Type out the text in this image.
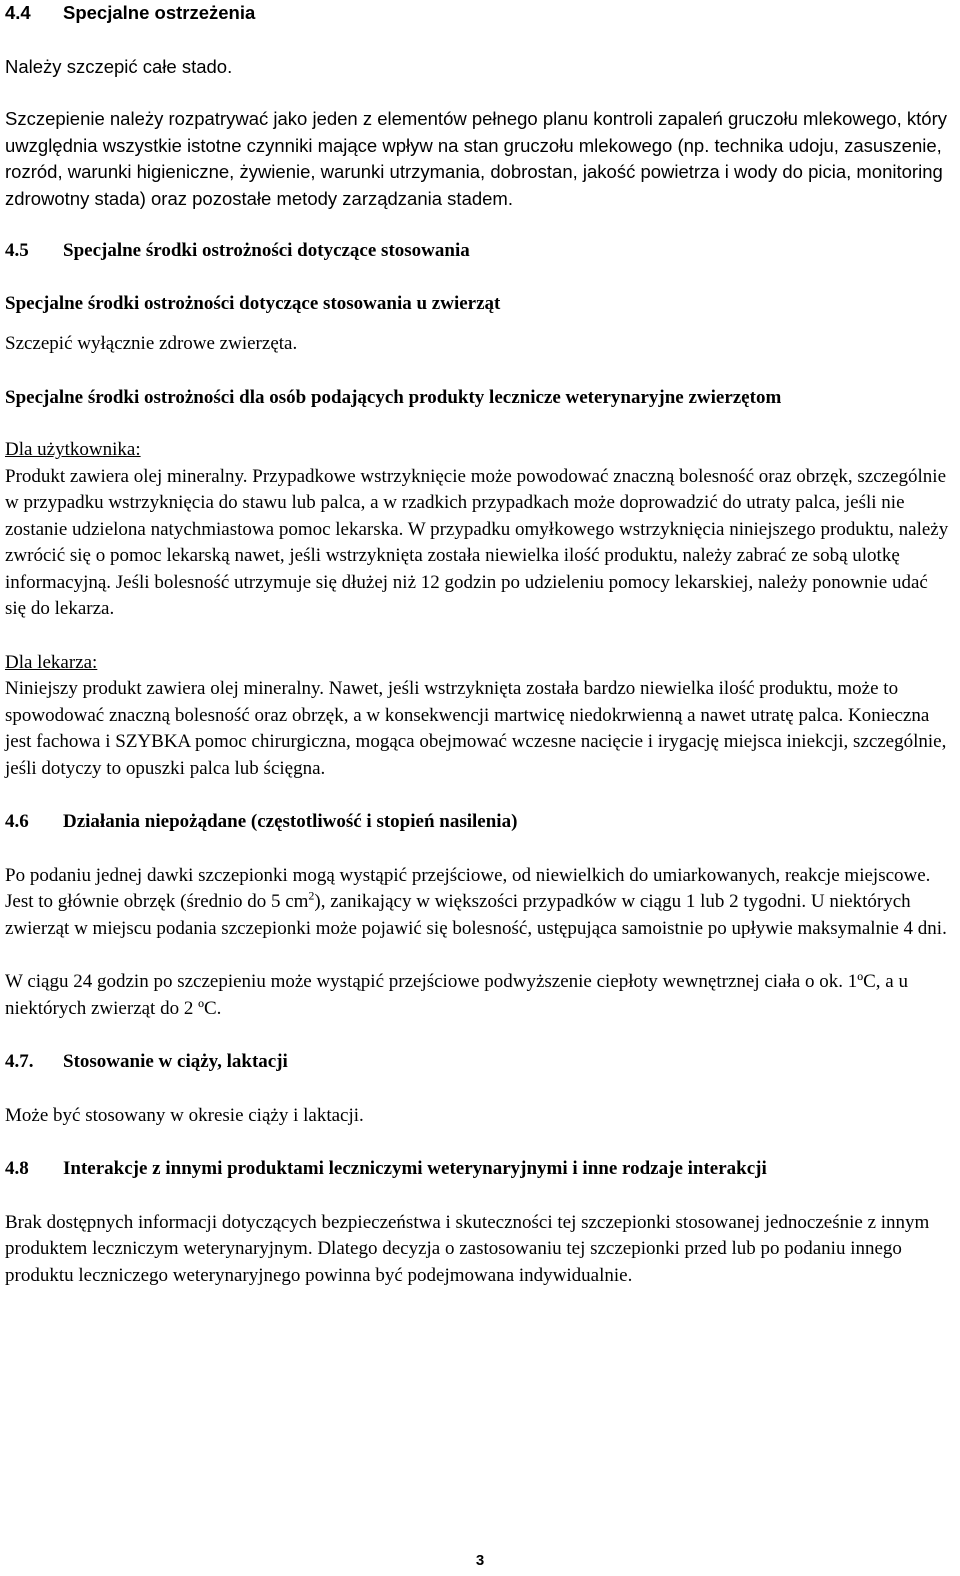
4.4	Specjalne ostrzeżenia

Należy szczepić całe stado.

Szczepienie należy rozpatrywać jako jeden z elementów pełnego planu kontroli zapaleń gruczołu mlekowego, który uwzględnia wszystkie istotne czynniki mające wpływ na stan gruczołu mlekowego (np. technika udoju, zasuszenie, rozród, warunki higieniczne, żywienie, warunki utrzymania, dobrostan, jakość powietrza i wody do picia, monitoring zdrowotny stada) oraz pozostałe metody zarządzania stadem.

4.5	Specjalne środki ostrożności dotyczące stosowania

Specjalne środki ostrożności dotyczące stosowania u zwierząt

Szczepić wyłącznie zdrowe zwierzęta.

Specjalne środki ostrożności dla osób podających produkty lecznicze weterynaryjne zwierzętom

Dla użytkownika:

Produkt zawiera olej mineralny. Przypadkowe wstrzyknięcie może powodować znaczną bolesność oraz obrzęk, szczególnie w przypadku wstrzyknięcia do stawu lub palca, a w rzadkich przypadkach może doprowadzić do utraty palca, jeśli nie zostanie udzielona natychmiastowa pomoc lekarska. W przypadku omyłkowego wstrzyknięcia niniejszego produktu, należy zwrócić się o pomoc lekarską nawet, jeśli wstrzyknięta została niewielka ilość produktu, należy zabrać ze sobą ulotkę informacyjną. Jeśli bolesność utrzymuje się dłużej niż 12 godzin po udzieleniu pomocy lekarskiej, należy ponownie udać się do lekarza.

Dla lekarza:

Niniejszy produkt zawiera olej mineralny. Nawet, jeśli wstrzyknięta została bardzo niewielka ilość produktu, może to spowodować znaczną bolesność oraz obrzęk, a w konsekwencji martwicę niedokrwienną a nawet utratę palca. Konieczna jest fachowa i SZYBKA pomoc chirurgiczna, mogąca obejmować wczesne nacięcie i irygację miejsca iniekcji, szczególnie, jeśli dotyczy to opuszki palca lub ścięgna.

4.6	Działania niepożądane (częstotliwość i stopień nasilenia)

Po podaniu jednej dawki szczepionki mogą wystąpić przejściowe, od niewielkich do umiarkowanych, reakcje miejscowe. Jest to głównie obrzęk (średnio do 5 $cm^2$), zanikający w większości przypadków w ciągu 1 lub 2 tygodni. U niektórych zwierząt w miejscu podania szczepionki może pojawić się bolesność, ustępująca samoistnie po upływie maksymalnie 4 dni.

W ciągu 24 godzin po szczepieniu może wystąpić przejściowe podwyższenie ciepłoty wewnętrznej ciała o ok. 1ºC, a u niektórych zwierząt do 2 ºC.

4.7.	Stosowanie w ciąży, laktacji

Może być stosowany w okresie ciąży i laktacji.

4.8	Interakcje z innymi produktami leczniczymi weterynaryjnymi i inne rodzaje interakcji

Brak dostępnych informacji dotyczących bezpieczeństwa i skuteczności tej szczepionki stosowanej jednocześnie z innym produktem leczniczym weterynaryjnym. Dlatego decyzja o zastosowaniu tej szczepionki przed lub po podaniu innego produktu leczniczego weterynaryjnego powinna być podejmowana indywidualnie.

3
